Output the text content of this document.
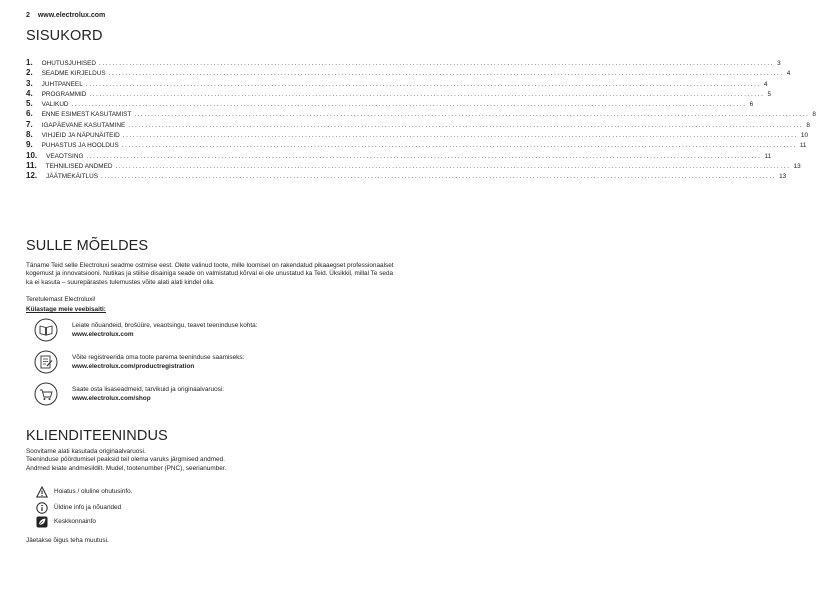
2 www.electrolux.com
SISUKORD
1. OHUTUSJUHISED ........................................................................................................................................................................................................ 3
2. SEADME KIRJELDUS ........................................................................................................................................................................................................ 4
3. JUHTPANEEL ........................................................................................................................................................................................................ 4
4. PROGRAMMID ........................................................................................................................................................................................................ 5
5. VALIKUD ........................................................................................................................................................................................................ 6
6. ENNE ESIMEST KASUTAMIST ........................................................................................................................................................................................................ 8
7. IGAPÄEVANE KASUTAMINE ........................................................................................................................................................................................................ 8
8. VIHJEID JA NÄPUNÄITEID ........................................................................................................................................................................................................ 10
9. PUHASTUS JA HOOLDUS ........................................................................................................................................................................................................ 11
10. VEAOTSING ........................................................................................................................................................................................................ 11
11. TEHNILISED ANDMED ........................................................................................................................................................................................................ 13
12. JÄÄTMEKÄITLUS ........................................................................................................................................................................................................ 13
SULLE MÕELDES
Täname Teid selle Electroluxi seadme ostmise eest. Olete valinud toote, mille loomisel on rakendatud pikaaegset professionaalset kogemust ja innovatsiooni. Nutikas ja stiilse disainiga seade on valmistatud kõrval ei ole unustatud ka Teid. Üksikkil, millal Te seda ka ei kasuta – suurepärastes tulemustes võite alati alati kindel olla.
Teretulemast Electroluxi!
Külastage meie veebisaiti:
Leiate nõuandeid, brošüüre, veaotsingu, teavet teeninduse kohta:
www.electrolux.com
Võite registreerida oma toote parema teeninduse saamiseks:
www.electrolux.com/productregistration
Saate osta lisaseadmeid, tarvikuid ja originaalvaruosi:
www.electrolux.com/shop
KLIENDITEENINDUS
Soovitame alati kasutada originaalvaruosi.
Teeninduse pöördumisel peaksid teil olema varuks järgmised andmed.
Andmed leiate andmesildilt. Mudel, tootenumber (PNC), seerianumber.
Hoiatus / oluline ohutusinfo.
Üldine info ja nõuanded
Keskkonnainfo
Jäetakse õigus teha muutusi.
